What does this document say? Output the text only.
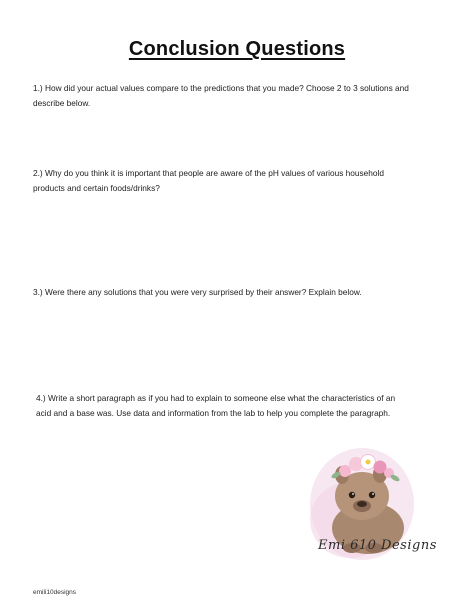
Conclusion Questions
1.) How did your actual values compare to the predictions that you made? Choose 2 to 3 solutions and
describe below.
2.) Why do you think it is important that people are aware of the pH values of various household
products and certain foods/drinks?
3.) Were there any solutions that you were very surprised by their answer? Explain below.
4.) Write a short paragraph as if you had to explain to someone else what the characteristics of an
acid and a base was. Use data and information from the lab to help you complete the paragraph.
Emi 610 Designs
emili10designs
